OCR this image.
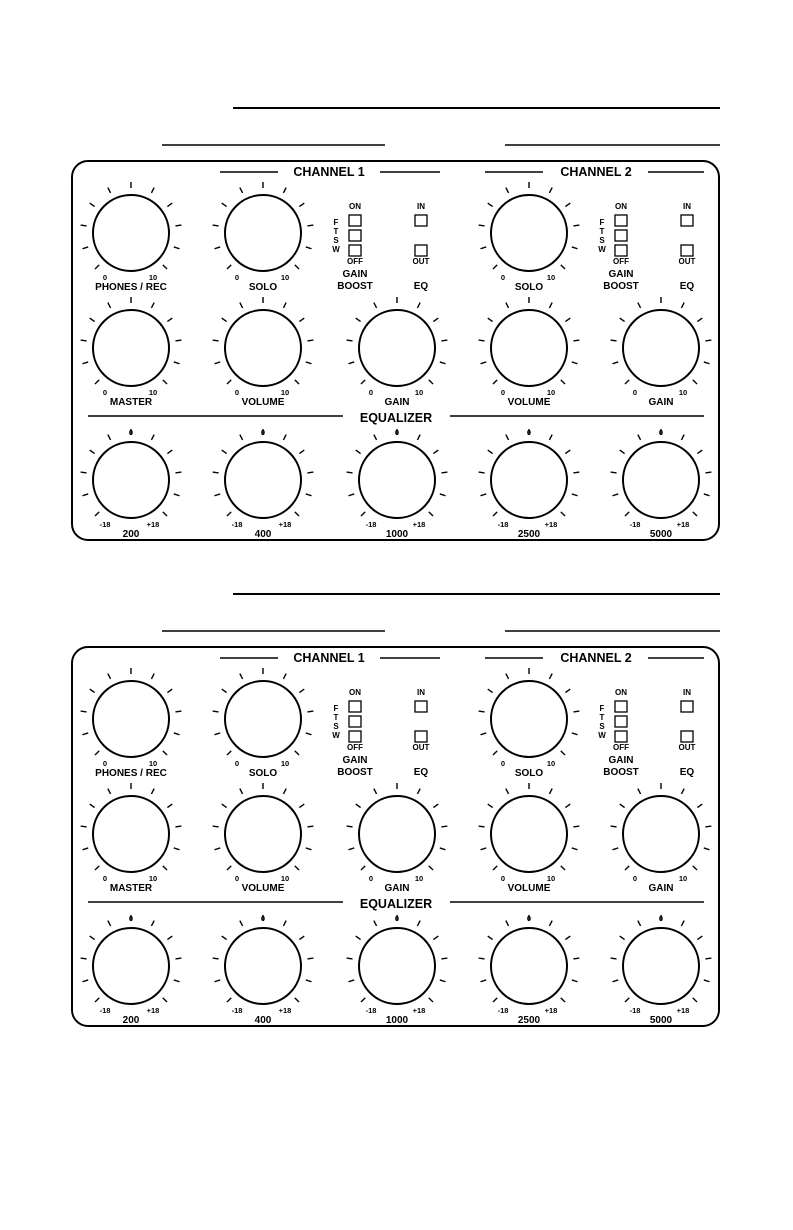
CHANNEL 1	CHANNEL 2
EQUALIZER
0	10
PHONES / REC
0	10
SOLO
0	10
SOLO
0	10
MASTER
0	10
VOLUME
0	10
GAIN
0	10
VOLUME
0	10
GAIN
-18	+18
0
200
-18	+18
0
400
-18	+18
0
1000
-18	+18
0
2500
-18	+18
0
5000
F
T
S
W
ON
OFF
IN
OUT
GAIN
BOOST	EQ
F
T
S
W
ON
OFF
IN
OUT
GAIN
BOOST	EQ
CHANNEL 1	CHANNEL 2
EQUALIZER
0	10
PHONES / REC
0	10
SOLO
0	10
SOLO
0	10
MASTER
0	10
VOLUME
0	10
GAIN
0	10
VOLUME
0	10
GAIN
-18	+18
0
200
-18	+18
0
400
-18	+18
0
1000
-18	+18
0
2500
-18	+18
0
5000
F
T
S
W
ON
OFF
IN
OUT
GAIN
BOOST	EQ
F
T
S
W
ON
OFF
IN
OUT
GAIN
BOOST	EQ
